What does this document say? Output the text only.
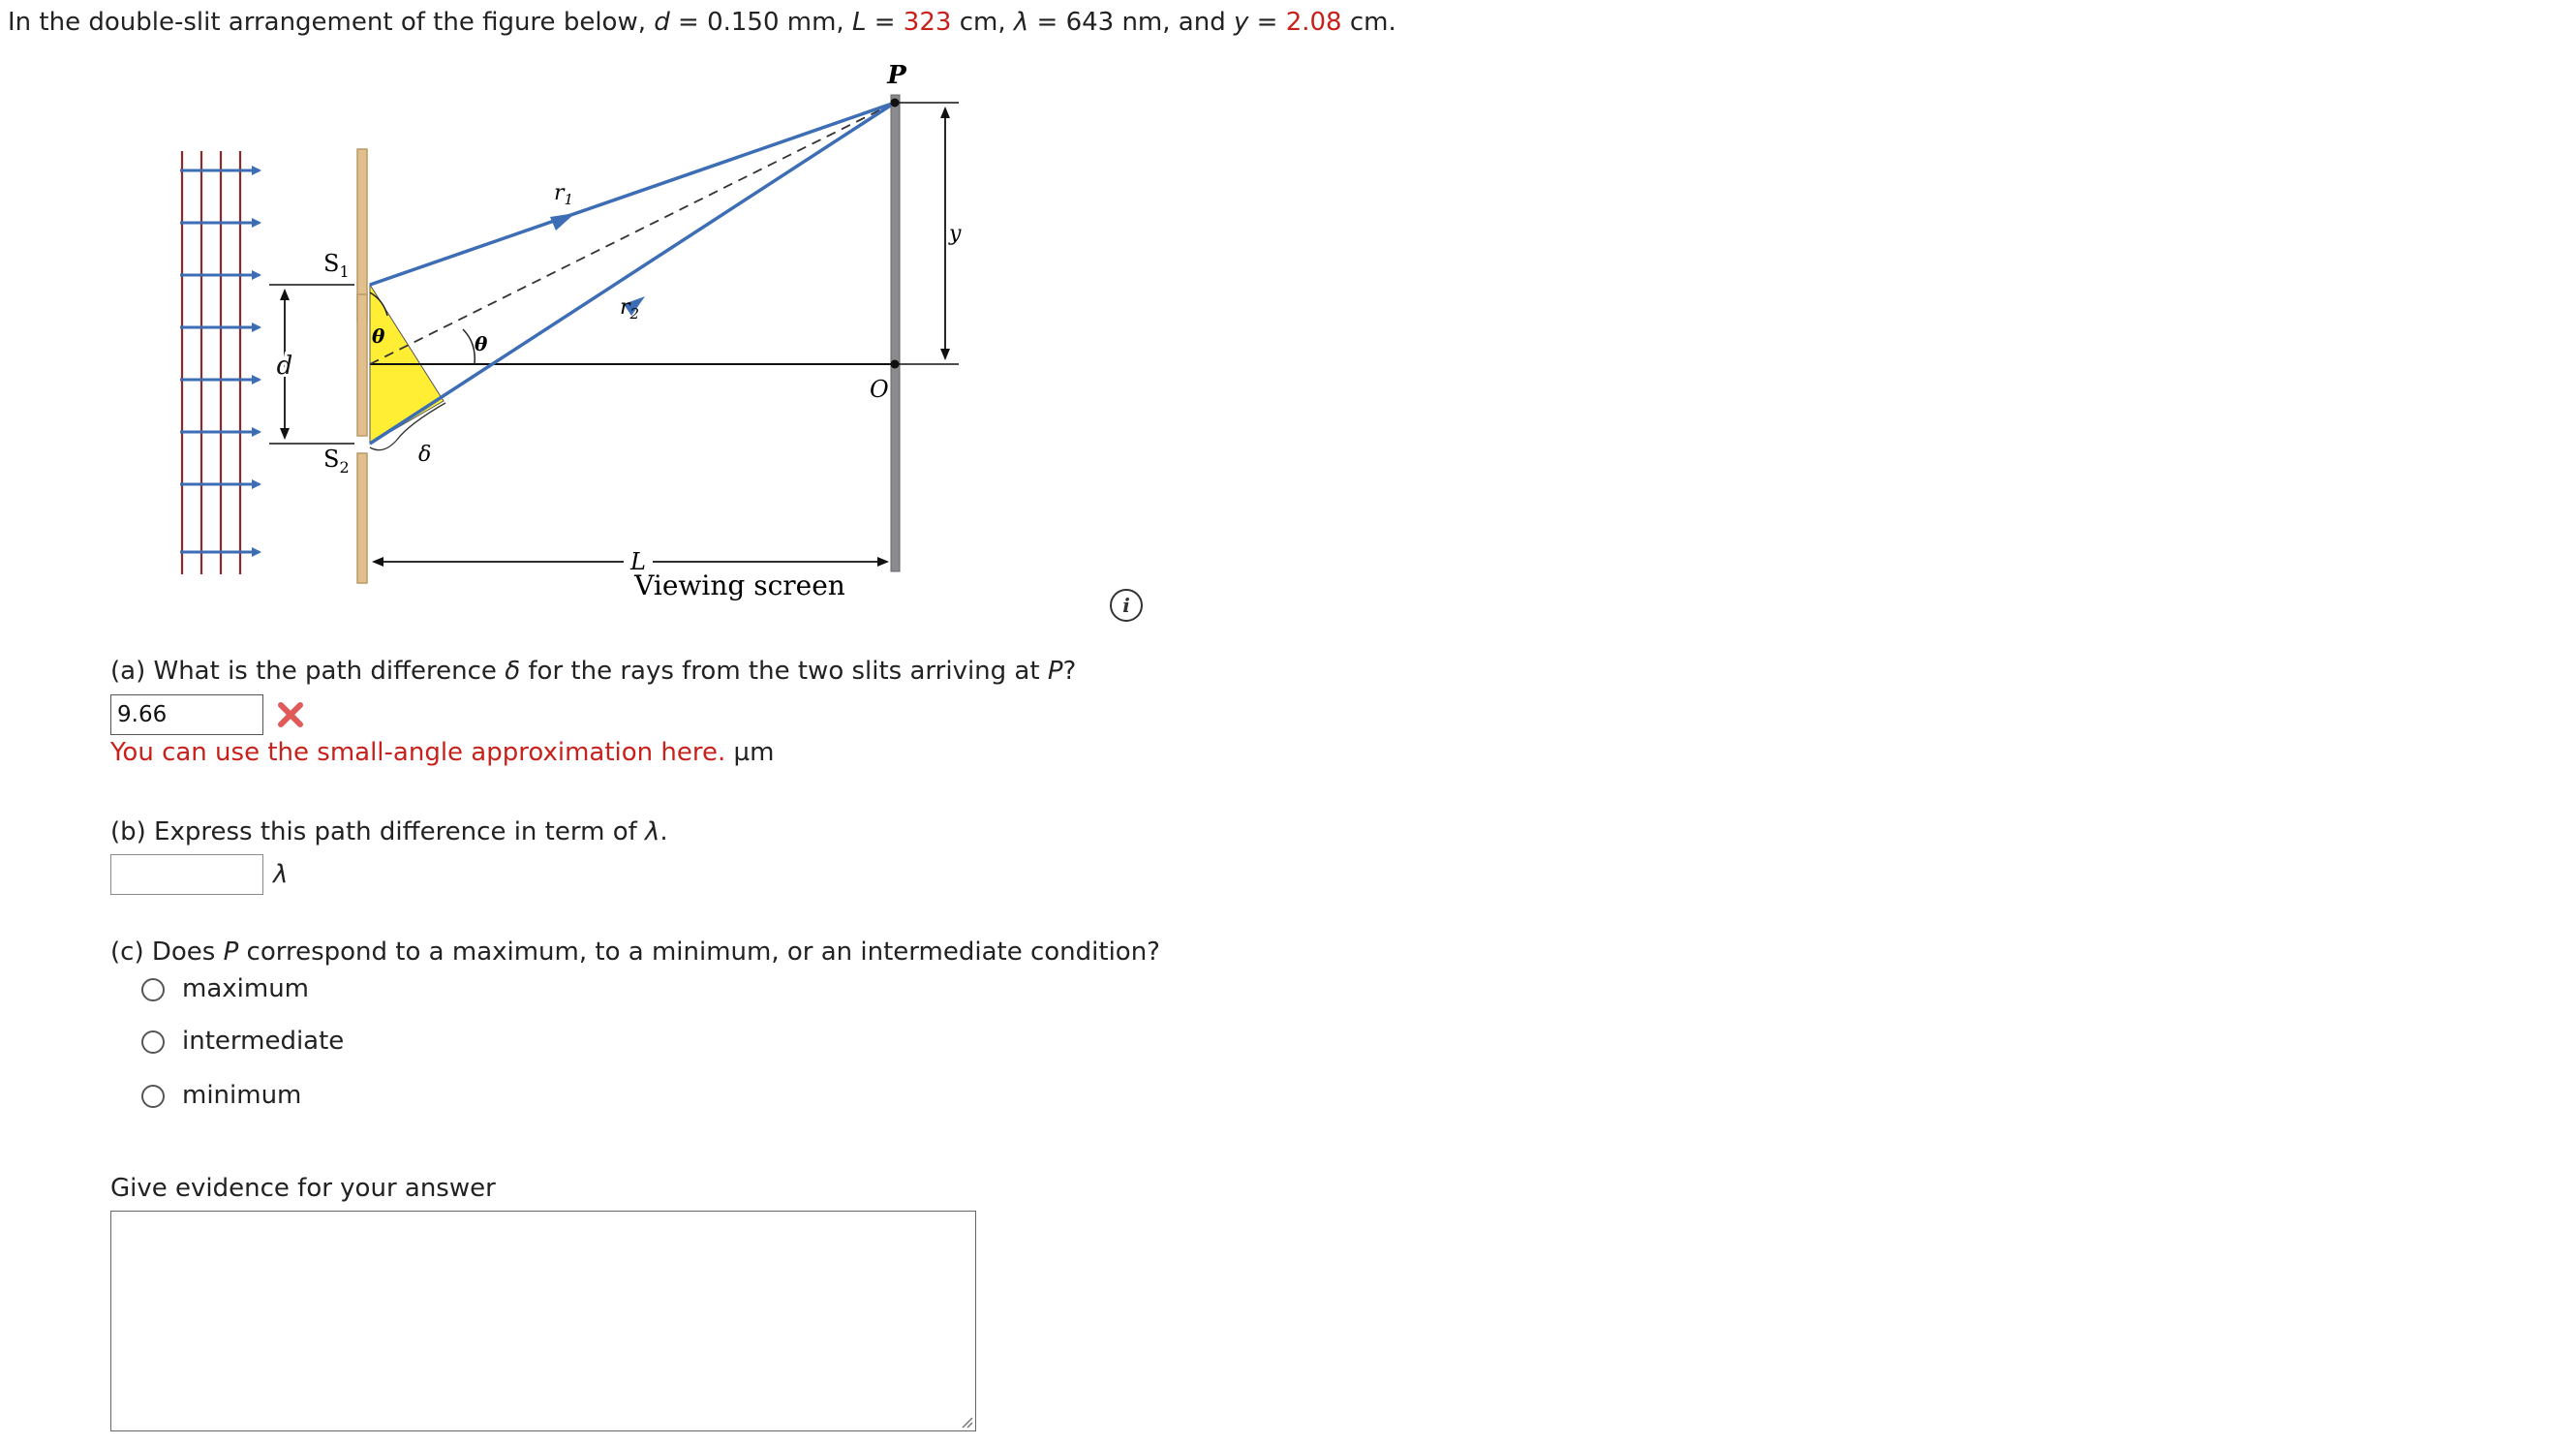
In the double-slit arrangement of the figure below, d = 0.150 mm, L = 323 cm, λ = 643 nm, and y = 2.08 cm.
P
$r_1$
$r_2$
$S_1$
$S_2$
d
θ	θ
δ
O
y
L
Viewing screen
i
(a) What is the path difference δ for the rays from the two slits arriving at P?
9.66
You can use the small-angle approximation here. µm
(b) Express this path difference in term of λ.
λ
(c) Does P correspond to a maximum, to a minimum, or an intermediate condition?
maximum
intermediate
minimum
Give evidence for your answer
